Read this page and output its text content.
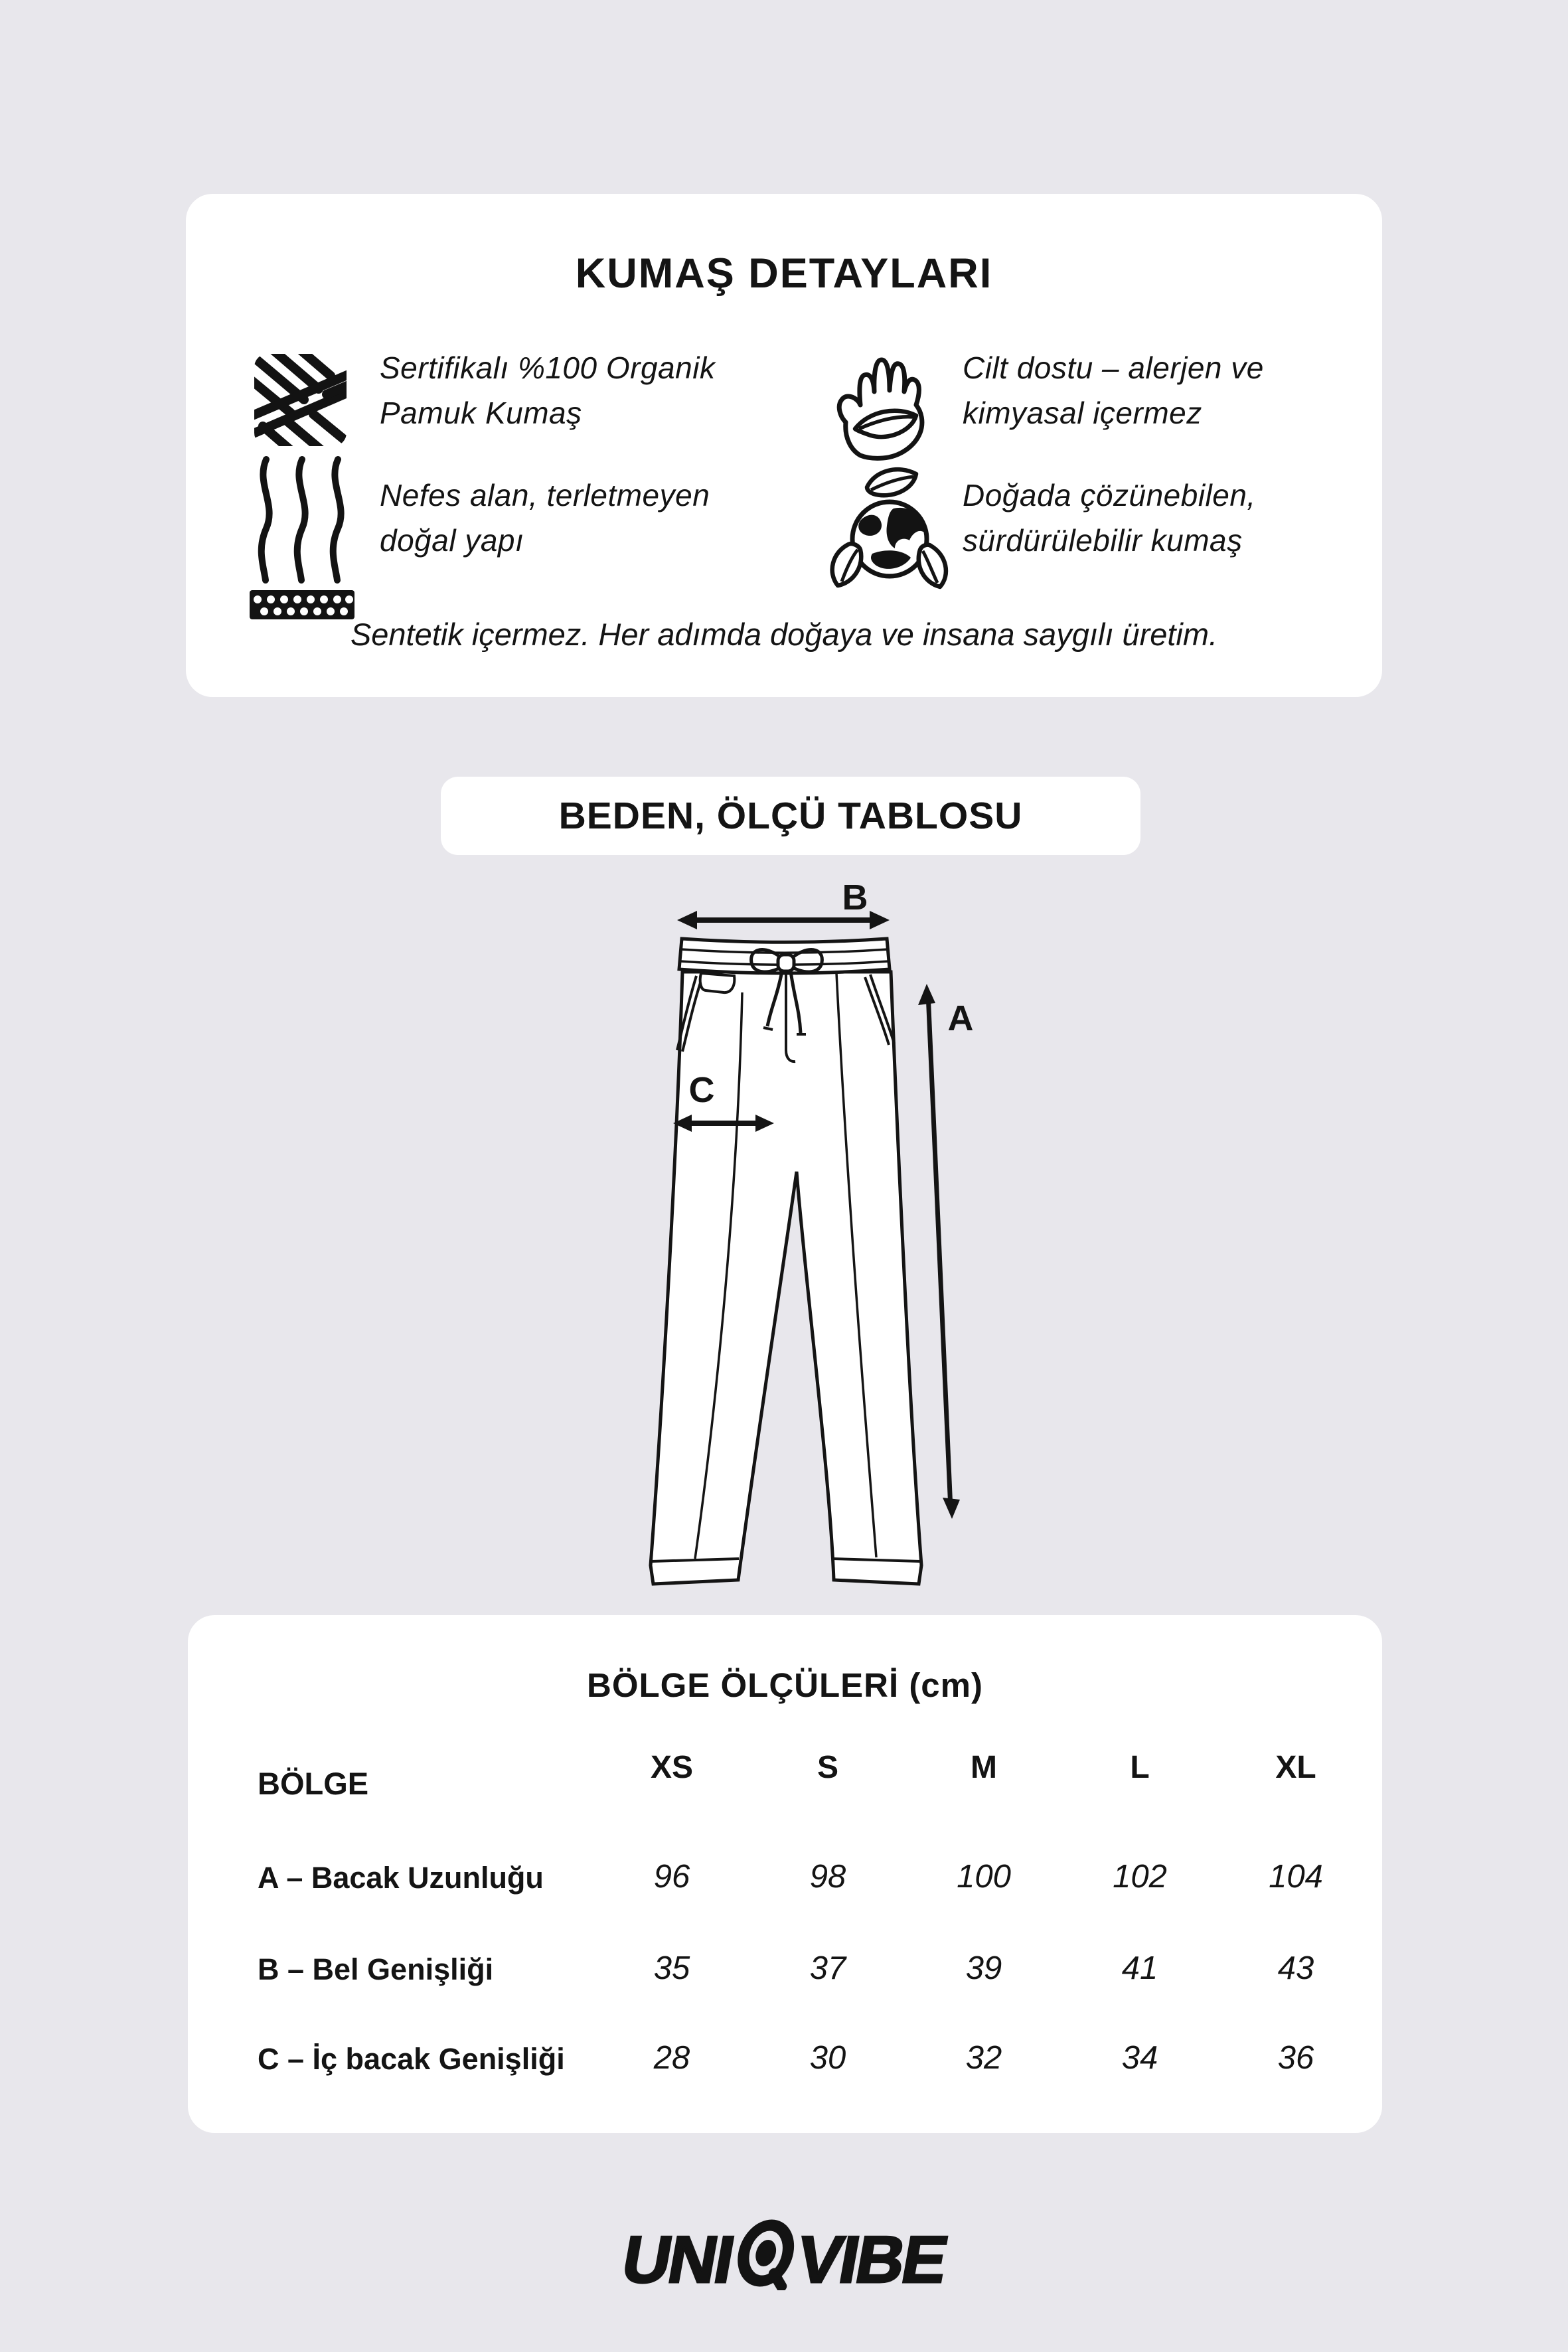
KUMAŞ DETAYLARI
Sertifikalı %100 Organik
Pamuk Kumaş
Cilt dostu – alerjen ve
kimyasal içermez
Nefes alan, terletmeyen
doğal yapı
Doğada çözünebilen,
sürdürülebilir kumaş
Sentetik içermez. Her adımda doğaya ve insana saygılı üretim.
BEDEN, ÖLÇÜ TABLOSU
B
A
C
BÖLGE ÖLÇÜLERİ (cm)
BÖLGE	XS	S	M	L	XL
A – Bacak Uzunluğu	96	98	100	102	104
B – Bel Genişliği	35	37	39	41	43
C – İç bacak Genişliği	28	30	32	34	36
UNI VIBE
